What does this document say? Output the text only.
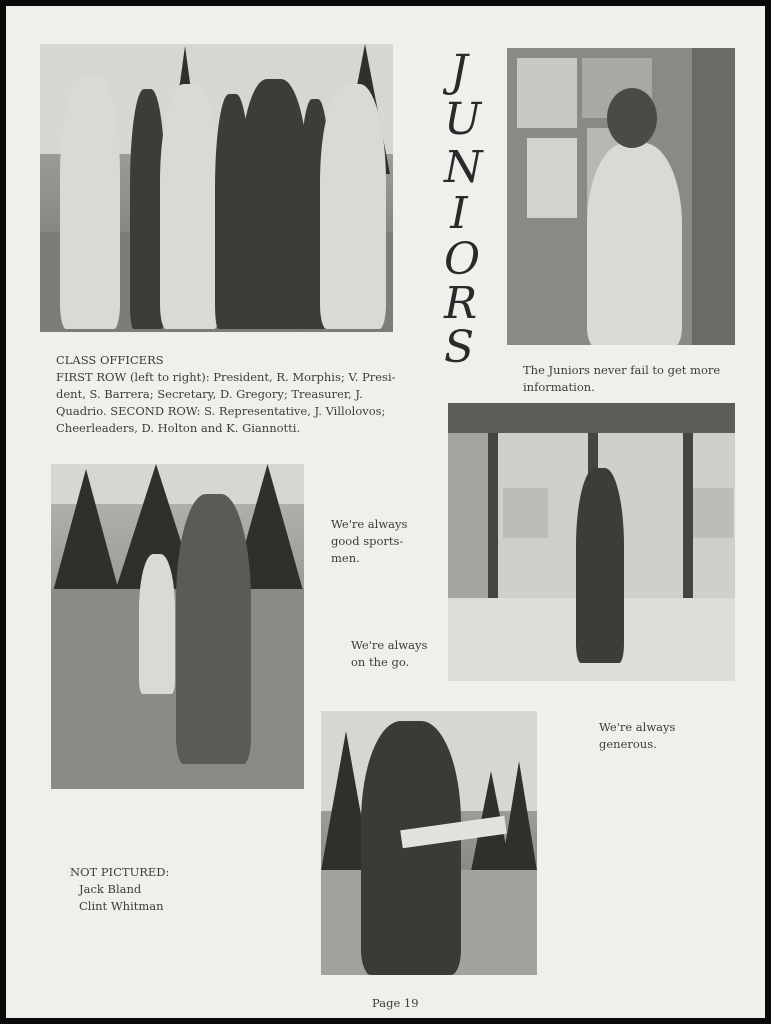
J
U
N
I
O
R
S

CLASS OFFICERS

FIRST ROW (left to right): President, R. Morphis; V. Presi-

dent, S. Barrera; Secretary, D. Gregory; Treasurer, J.

Quadrio. SECOND ROW: S. Representative, J. Villolovos;

Cheerleaders, D. Holton and K. Giannotti.

The Juniors never fail to get more

information.

We're always

good sports-

men.

We're always

on the go.

We're always

generous.

NOT PICTURED:

Jack Bland

Clint Whitman

Page 19
